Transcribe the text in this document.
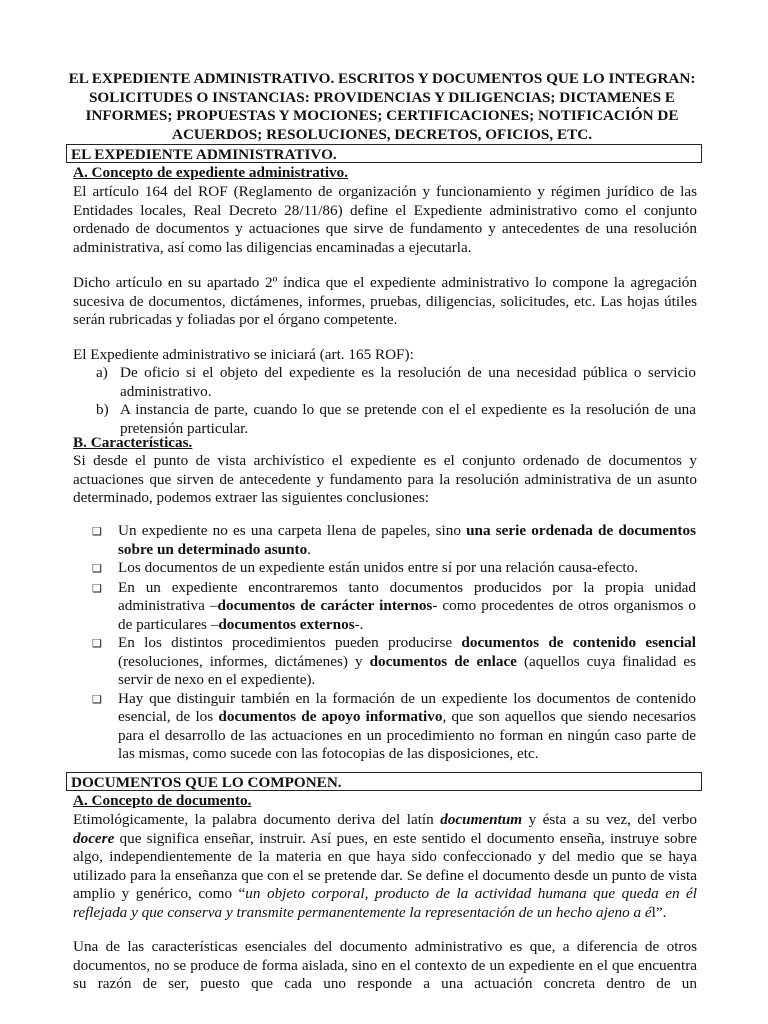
EL EXPEDIENTE ADMINISTRATIVO. ESCRITOS Y DOCUMENTOS QUE LO INTEGRAN: SOLICITUDES O INSTANCIAS: PROVIDENCIAS Y DILIGENCIAS; DICTAMENES E INFORMES; PROPUESTAS Y MOCIONES; CERTIFICACIONES; NOTIFICACIÓN DE ACUERDOS; RESOLUCIONES, DECRETOS, OFICIOS, ETC.
EL EXPEDIENTE ADMINISTRATIVO.
A. Concepto de expediente administrativo.
El artículo 164 del ROF (Reglamento de organización y funcionamiento y régimen jurídico de las Entidades locales, Real Decreto 28/11/86) define el Expediente administrativo como el conjunto ordenado de documentos y actuaciones que sirve de fundamento y antecedentes de una resolución administrativa, así como las diligencias encaminadas a ejecutarla.
Dicho artículo en su apartado 2º índica que el expediente administrativo lo compone la agregación sucesiva de documentos, dictámenes, informes, pruebas, diligencias, solicitudes, etc. Las hojas útiles serán rubricadas y foliadas por el órgano competente.
El Expediente administrativo se iniciará (art. 165 ROF):
a) De oficio si el objeto del expediente es la resolución de una necesidad pública o servicio administrativo.
b) A instancia de parte, cuando lo que se pretende con el el expediente es la resolución de una pretensión particular.
B. Características.
Si desde el punto de vista archivístico el expediente es el conjunto ordenado de documentos y actuaciones que sirven de antecedente y fundamento para la resolución administrativa de un asunto determinado, podemos extraer las siguientes conclusiones:
❑	Un expediente no es una carpeta llena de papeles, sino una serie ordenada de documentos sobre un determinado asunto.
❑	Los documentos de un expediente están unidos entre sí por una relación causa-efecto.
❑	En un expediente encontraremos tanto documentos producidos por la propia unidad administrativa –documentos de carácter internos- como procedentes de otros organismos o de particulares –documentos externos-.
❑	En los distintos procedimientos pueden producirse documentos de contenido esencial (resoluciones, informes, dictámenes) y documentos de enlace (aquellos cuya finalidad es servir de nexo en el expediente).
❑	Hay que distinguir también en la formación de un expediente los documentos de contenido esencial, de los documentos de apoyo informativo, que son aquellos que siendo necesarios para el desarrollo de las actuaciones en un procedimiento no forman en ningún caso parte de las mismas, como sucede con las fotocopias de las disposiciones, etc.
DOCUMENTOS QUE LO COMPONEN.
A. Concepto de documento.
Etimológicamente, la palabra documento deriva del latín documentum y ésta a su vez, del verbo docere que significa enseñar, instruir. Así pues, en este sentido el documento enseña, instruye sobre algo, independientemente de la materia en que haya sido confeccionado y del medio que se haya utilizado para la enseñanza que con el se pretende dar. Se define el documento desde un punto de vista amplio y genérico, como “un objeto corporal, producto de la actividad humana que queda en él reflejada y que conserva y transmite permanentemente la representación de un hecho ajeno a él”.
Una de las características esenciales del documento administrativo es que, a diferencia de otros documentos, no se produce de forma aislada, sino en el contexto de un expediente en el que encuentra su razón de ser, puesto que cada uno responde a una actuación concreta dentro de un
